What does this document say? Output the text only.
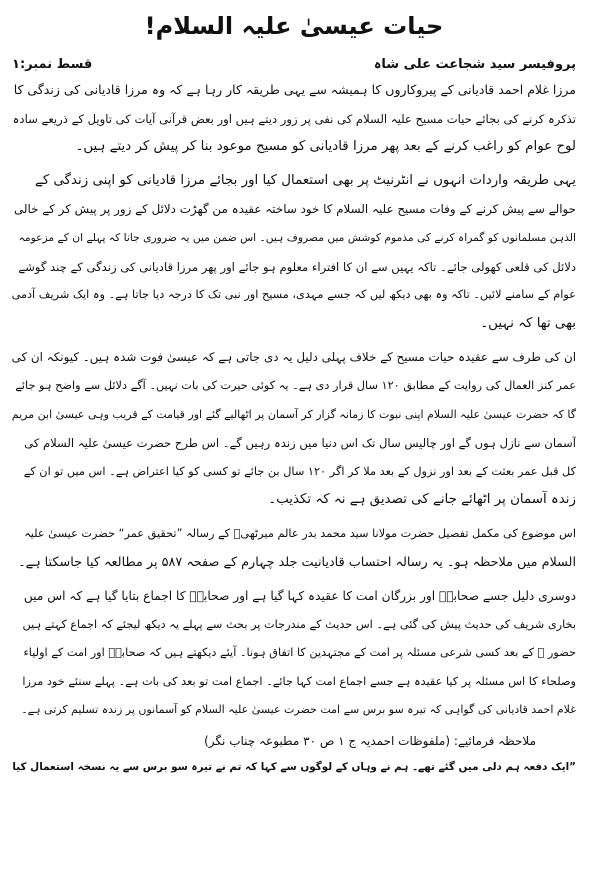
حیات عیسیٰ علیہ السلام!
پروفیسر سید شجاعت علی شاہ
قسط نمبر:۱
مرزا غلام احمد قادیانی کے پیروکاروں کا ہمیشہ سے یہی طریقہ کار رہا ہے کہ وہ مرزا قادیانی کی زندگی کا
تذکرہ کرنے کی بجائے حیات مسیح علیہ السلام کی نفی پر زور دیتے ہیں اور بعض قرآنی آیات کی تاویل کے ذریعے سادہ
لوح عوام کو راغب کرنے کے بعد پھر مرزا قادیانی کو مسیح موعود بنا کر پیش کر دیتے ہیں۔
یہی طریقہ واردات انہوں نے انٹرنیٹ پر بھی استعمال کیا اور بجائے مرزا قادیانی کو اپنی زندگی کے
حوالے سے پیش کرنے کے وفات مسیح علیہ السلام کا خود ساختہ عقیدہ من گھڑت دلائل کے زور پر پیش کر کے خالی
الذہن مسلمانوں کو گمراہ کرنے کی مذموم کوشش میں مصروف ہیں۔ اس ضمن میں یہ ضروری جانا کہ پہلے ان کے مزعومہ
دلائل کی قلعی کھولی جائے۔ تاکہ یہیں سے ان کا افتراء معلوم ہو جائے اور پھر مرزا قادیانی کی زندگی کے چند گوشے
عوام کے سامنے لائیں۔ تاکہ وہ بھی دیکھ لیں کہ جسے مہدی، مسیح اور نبی تک کا درجہ دیا جاتا ہے۔ وہ ایک شریف آدمی
بھی تھا کہ نہیں۔
ان کی طرف سے عقیدہ حیات مسیح کے خلاف پہلی دلیل یہ دی جاتی ہے کہ عیسیٰ فوت شدہ ہیں۔ کیونکہ ان کی
عمر کنز العمال کی روایت کے مطابق ۱۲۰ سال قرار دی ہے۔ یہ کوئی حیرت کی بات نہیں۔ آگے دلائل سے واضح ہو جائے
گا کہ حضرت عیسیٰ علیہ السلام اپنی نبوت کا زمانہ گزار کر آسمان پر اٹھالیے گئے اور قیامت کے قریب وہی عیسیٰ ابن مریم
آسمان سے نازل ہوں گے اور چالیس سال تک اس دنیا میں زندہ رہیں گے۔ اس طرح حضرت عیسیٰ علیہ السلام کی
کل قبل عمر بعثت کے بعد اور نزول کے بعد ملا کر اگر ۱۲۰ سال بن جائے تو کسی کو کیا اعتراض ہے۔ اس میں تو ان کے
زندہ آسمان پر اٹھائے جانے کی تصدیق ہے نہ کہ تکذیب۔
اس موضوع کی مکمل تفصیل حضرت مولانا سید محمد بدر عالم میرٹھیؒ کے رسالہ ”تحقیق عمر“ حضرت عیسیٰ علیہ
السلام میں ملاحظہ ہو۔ یہ رسالہ احتساب قادیانیت جلد چہارم کے صفحہ ۵۸۷ پر مطالعہ کیا جاسکتا ہے۔
دوسری دلیل جسے صحابہؓ اور بزرگان امت کا عقیدہ کہا گیا ہے اور صحابہؓ کا اجماع بتایا گیا ہے کہ اس میں
بخاری شریف کی حدیث پیش کی گئی ہے۔ اس حدیث کے مندرجات پر بحث سے پہلے یہ دیکھ لیجئے کہ اجماع کہتے ہیں
حضور ﷺ کے بعد کسی شرعی مسئلہ پر امت کے مجتہدین کا اتفاق ہونا۔ آیئے دیکھتے ہیں کہ صحابہؓ اور امت کے اولیاء
وصلحاء کا اس مسئلہ پر کیا عقیدہ ہے جسے اجماع امت کہا جائے۔ اجماع امت تو بعد کی بات ہے۔ پہلے سنئے خود مرزا
غلام احمد قادیانی کی گواہی کہ تیرہ سو برس سے امت حضرت عیسیٰ علیہ السلام کو آسمانوں پر زندہ تسلیم کرتی ہے۔
ملاحظہ فرمائیے: (ملفوظات احمدیہ ج ۱ ص ۳۰ مطبوعہ چناب نگر)
”ایک دفعہ ہم دلی میں گئے تھے۔ ہم نے وہاں کے لوگوں سے کہا کہ تم نے تیرہ سو برس سے یہ نسخہ استعمال کیا
